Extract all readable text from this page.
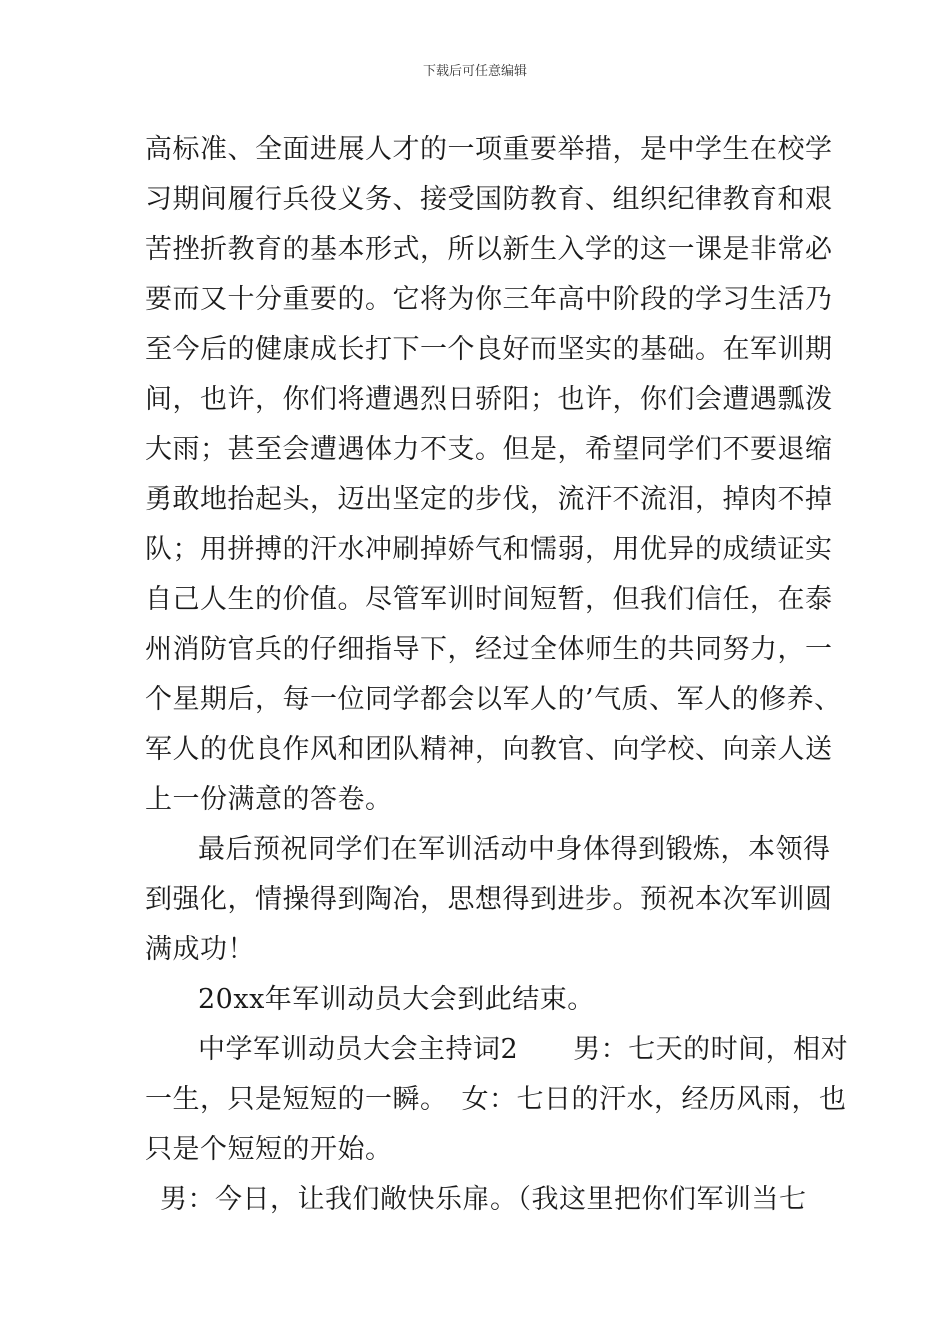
下载后可任意编辑
高标准、全面进展人才的一项重要举措，是中学生在校学
习期间履行兵役义务、接受国防教育、组织纪律教育和艰
苦挫折教育的基本形式，所以新生入学的这一课是非常必
要而又十分重要的。它将为你三年高中阶段的学习生活乃
至今后的健康成长打下一个良好而坚实的基础。在军训期
间，也许，你们将遭遇烈日骄阳；也许，你们会遭遇瓢泼
大雨；甚至会遭遇体力不支。但是，希望同学们不要退缩
勇敢地抬起头，迈出坚定的步伐，流汗不流泪，掉肉不掉
队；用拼搏的汗水冲刷掉娇气和懦弱，用优异的成绩证实
自己人生的价值。尽管军训时间短暂，但我们信任，在泰
州消防官兵的仔细指导下，经过全体师生的共同努力，一
个星期后，每一位同学都会以军人的’气质、军人的修养、
军人的优良作风和团队精神，向教官、向学校、向亲人送
上一份满意的答卷。
最后预祝同学们在军训活动中身体得到锻炼，本领得
到强化，情操得到陶冶，思想得到进步。预祝本次军训圆
满成功！
20xx年军训动员大会到此结束。
中学军训动员大会主持词2　　男：七天的时间，相对
一生，只是短短的一瞬。　女：七日的汗水，经历风雨，也
只是个短短的开始。
男：今日，让我们敞快乐扉。（我这里把你们军训当七
